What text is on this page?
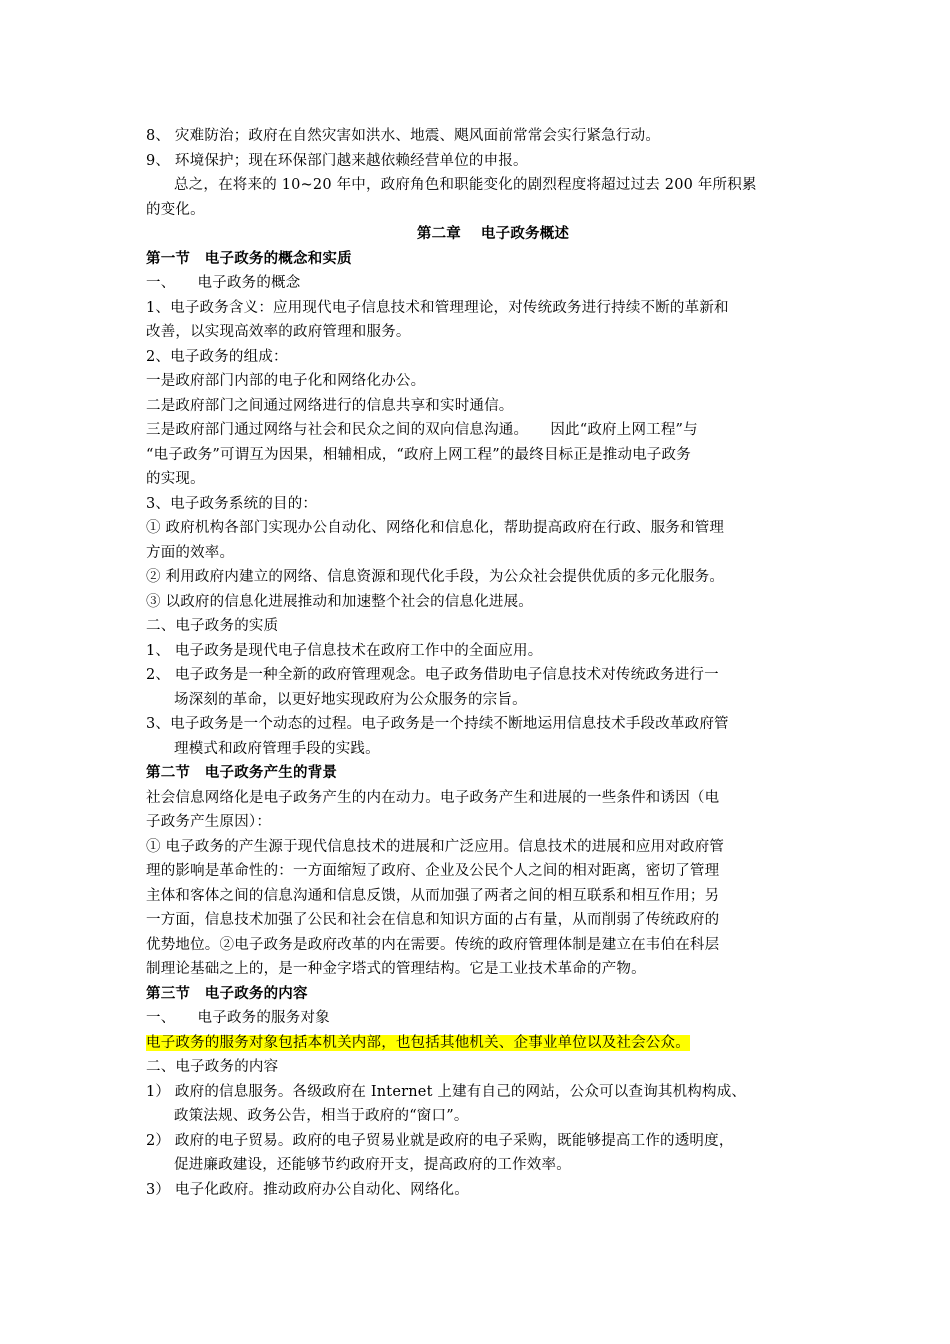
8、 灾难防治；政府在自然灾害如洪水、地震、飓风面前常常会实行紧急行动。
9、 环境保护；现在环保部门越来越依赖经营单位的申报。
总之，在将来的 10~20 年中，政府角色和职能变化的剧烈程度将超过过去 200 年所积累
的变化。
第二章　 电子政务概述
第一节　电子政务的概念和实质
一、　　电子政务的概念
1、电子政务含义：应用现代电子信息技术和管理理论，对传统政务进行持续不断的革新和
改善，以实现高效率的政府管理和服务。
2、电子政务的组成：
一是政府部门内部的电子化和网络化办公。
二是政府部门之间通过网络进行的信息共享和实时通信。
三是政府部门通过网络与社会和民众之间的双向信息沟通。　　因此“政府上网工程”与
“电子政务”可谓互为因果，相辅相成，“政府上网工程”的最终目标正是推动电子政务
的实现。
3、电子政务系统的目的：
① 政府机构各部门实现办公自动化、网络化和信息化，帮助提高政府在行政、服务和管理
方面的效率。
② 利用政府内建立的网络、信息资源和现代化手段，为公众社会提供优质的多元化服务。
③ 以政府的信息化进展推动和加速整个社会的信息化进展。
二、电子政务的实质
1、 电子政务是现代电子信息技术在政府工作中的全面应用。
2、 电子政务是一种全新的政府管理观念。电子政务借助电子信息技术对传统政务进行一
场深刻的革命，以更好地实现政府为公众服务的宗旨。
3、电子政务是一个动态的过程。电子政务是一个持续不断地运用信息技术手段改革政府管
理模式和政府管理手段的实践。
第二节　电子政务产生的背景
社会信息网络化是电子政务产生的内在动力。电子政务产生和进展的一些条件和诱因（电
子政务产生原因）：
① 电子政务的产生源于现代信息技术的进展和广泛应用。信息技术的进展和应用对政府管
理的影响是革命性的：一方面缩短了政府、企业及公民个人之间的相对距离，密切了管理
主体和客体之间的信息沟通和信息反馈，从而加强了两者之间的相互联系和相互作用；另
一方面，信息技术加强了公民和社会在信息和知识方面的占有量，从而削弱了传统政府的
优势地位。②电子政务是政府改革的内在需要。传统的政府管理体制是建立在韦伯在科层
制理论基础之上的，是一种金字塔式的管理结构。它是工业技术革命的产物。
第三节　电子政务的内容
一、　　电子政务的服务对象
电子政务的服务对象包括本机关内部，也包括其他机关、企事业单位以及社会公众。
二、电子政务的内容
1） 政府的信息服务。各级政府在 Internet 上建有自己的网站，公众可以查询其机构构成、
政策法规、政务公告，相当于政府的“窗口”。
2） 政府的电子贸易。政府的电子贸易业就是政府的电子采购，既能够提高工作的透明度，
促进廉政建设，还能够节约政府开支，提高政府的工作效率。
3） 电子化政府。推动政府办公自动化、网络化。
